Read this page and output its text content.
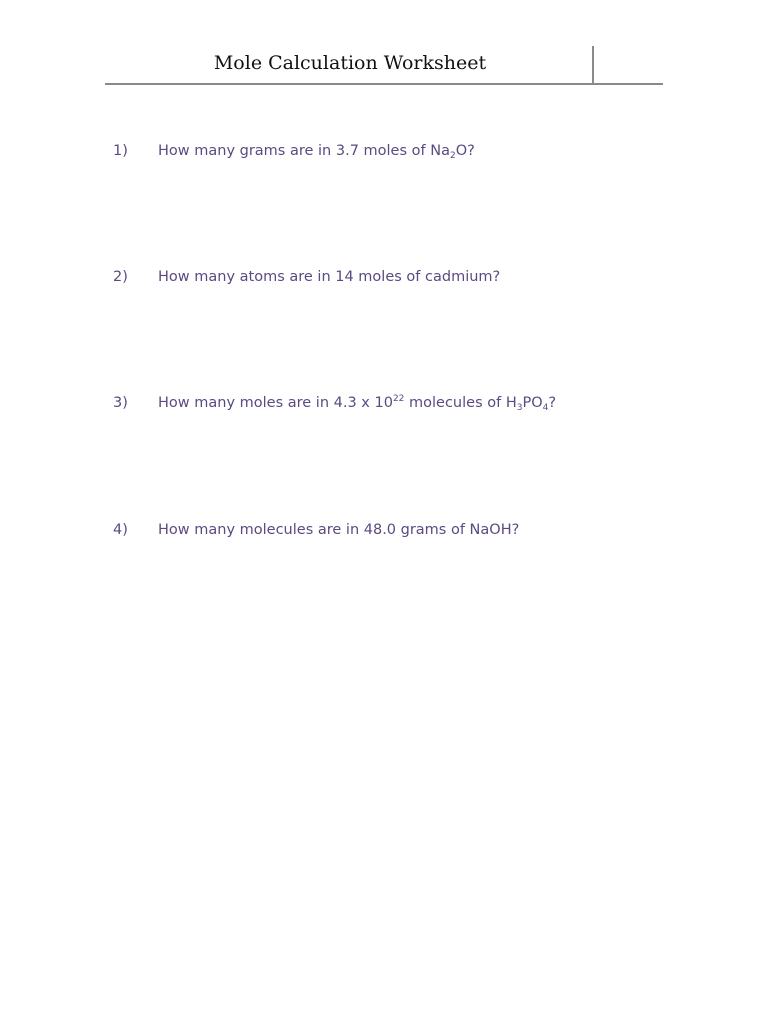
Mole Calculation Worksheet
1) How many grams are in 3.7 moles of $Na_2O$?
2) How many atoms are in 14 moles of cadmium?
3) How many moles are in 4.3 x $10^{22}$ molecules of $H_3PO_4$?
4) How many molecules are in 48.0 grams of NaOH?
